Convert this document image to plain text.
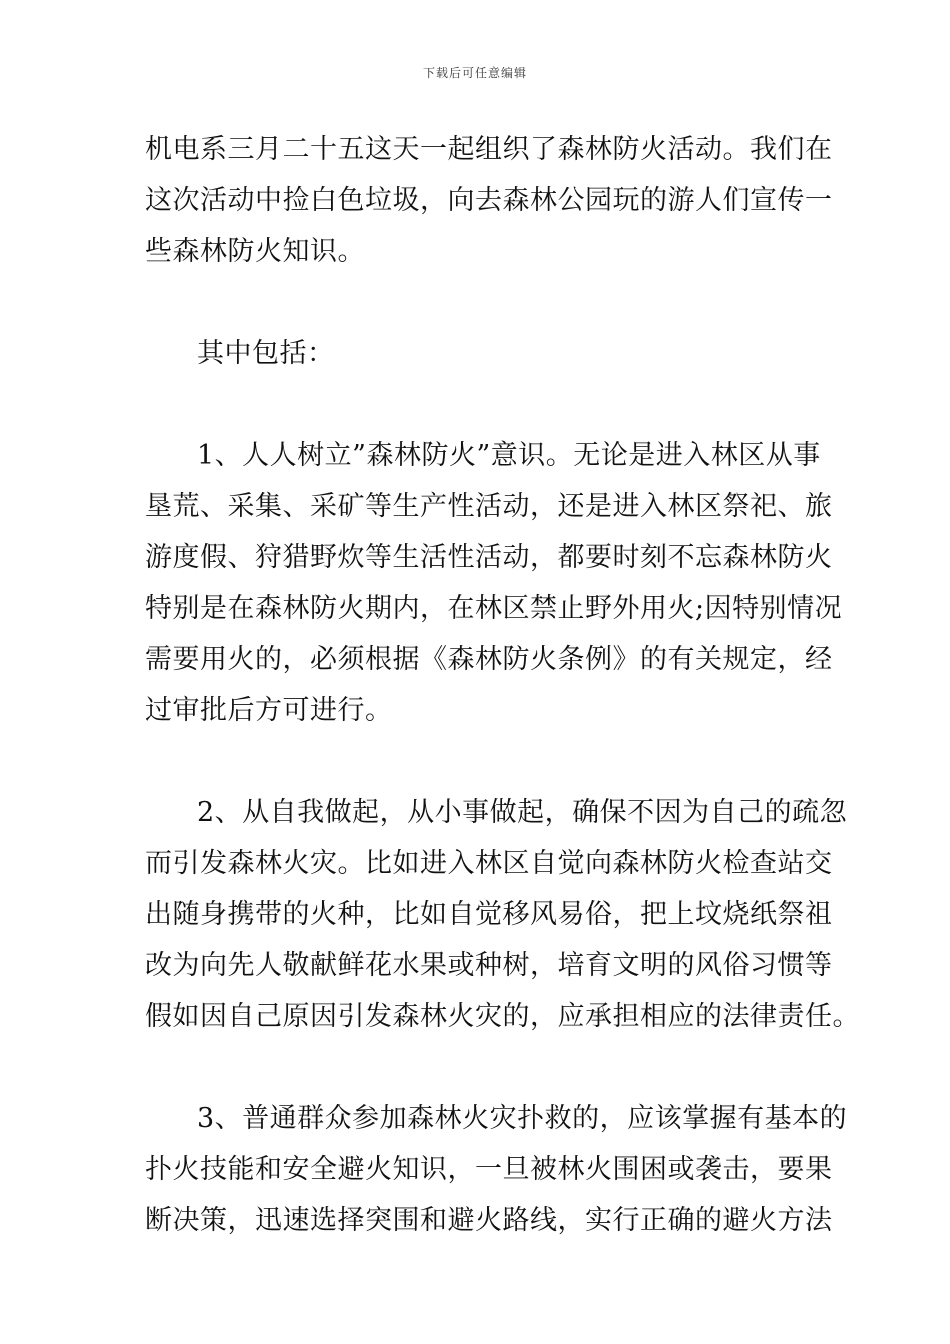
下载后可任意编辑
机电系三月二十五这天一起组织了森林防火活动。我们在
这次活动中捡白色垃圾，向去森林公园玩的游人们宣传一
些森林防火知识。
其中包括：
1、人人树立”森林防火”意识。无论是进入林区从事
垦荒、采集、采矿等生产性活动，还是进入林区祭祀、旅
游度假、狩猎野炊等生活性活动，都要时刻不忘森林防火
特别是在森林防火期内，在林区禁止野外用火;因特别情况
需要用火的，必须根据《森林防火条例》的有关规定，经
过审批后方可进行。
2、从自我做起，从小事做起，确保不因为自己的疏忽
而引发森林火灾。比如进入林区自觉向森林防火检查站交
出随身携带的火种，比如自觉移风易俗，把上坟烧纸祭祖
改为向先人敬献鲜花水果或种树，培育文明的风俗习惯等
假如因自己原因引发森林火灾的，应承担相应的法律责任。
3、普通群众参加森林火灾扑救的，应该掌握有基本的
扑火技能和安全避火知识，一旦被林火围困或袭击，要果
断决策，迅速选择突围和避火路线，实行正确的避火方法
